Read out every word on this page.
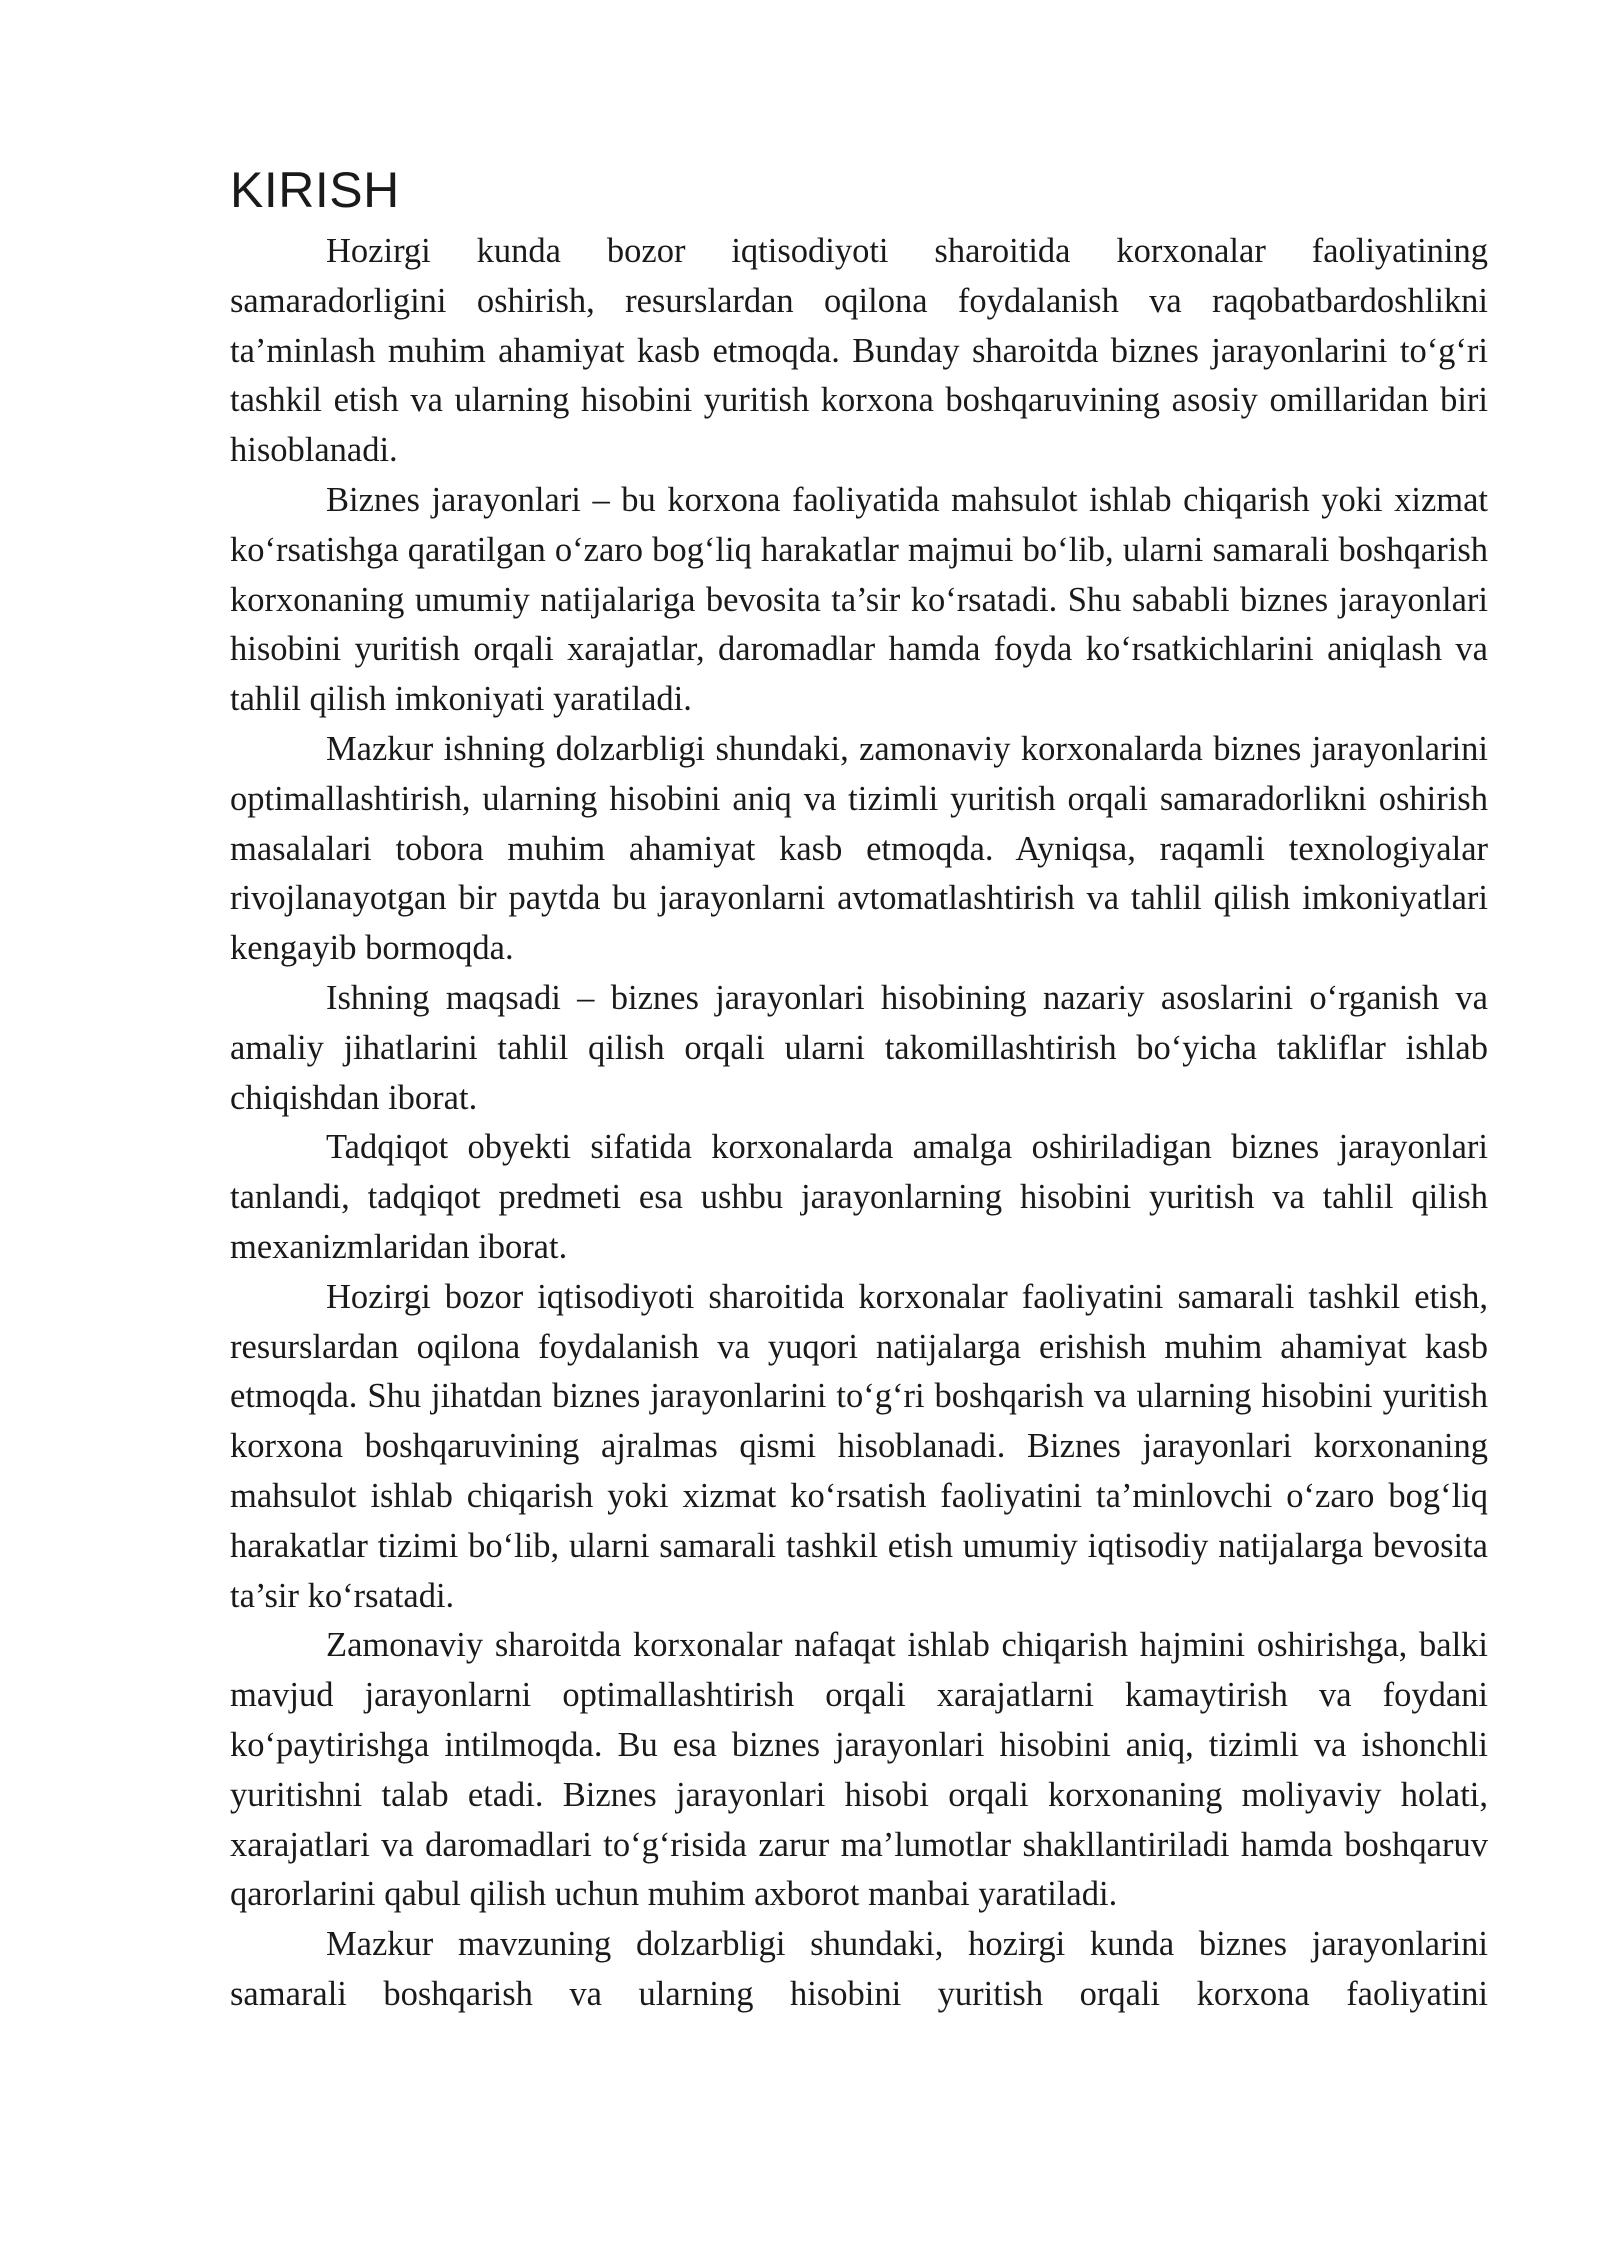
KIRISH

Hozirgi kunda bozor iqtisodiyoti sharoitida korxonalar faoliyatining samaradorligini oshirish, resurslardan oqilona foydalanish va raqobatbardoshlikni ta’minlash muhim ahamiyat kasb etmoqda. Bunday sharoitda biznes jarayonlarini to‘g‘ri tashkil etish va ularning hisobini yuritish korxona boshqaruvining asosiy omillaridan biri hisoblanadi.

Biznes jarayonlari – bu korxona faoliyatida mahsulot ishlab chiqarish yoki xizmat ko‘rsatishga qaratilgan o‘zaro bog‘liq harakatlar majmui bo‘lib, ularni samarali boshqarish korxonaning umumiy natijalariga bevosita ta’sir ko‘rsatadi. Shu sababli biznes jarayonlari hisobini yuritish orqali xarajatlar, daromadlar hamda foyda ko‘rsatkichlarini aniqlash va tahlil qilish imkoniyati yaratiladi.

Mazkur ishning dolzarbligi shundaki, zamonaviy korxonalarda biznes jarayonlarini optimallashtirish, ularning hisobini aniq va tizimli yuritish orqali samaradorlikni oshirish masalalari tobora muhim ahamiyat kasb etmoqda. Ayniqsa, raqamli texnologiyalar rivojlanayotgan bir paytda bu jarayonlarni avtomatlashtirish va tahlil qilish imkoniyatlari kengayib bormoqda.

Ishning maqsadi – biznes jarayonlari hisobining nazariy asoslarini o‘rganish va amaliy jihatlarini tahlil qilish orqali ularni takomillashtirish bo‘yicha takliflar ishlab chiqishdan iborat.

Tadqiqot obyekti sifatida korxonalarda amalga oshiriladigan biznes jarayonlari tanlandi, tadqiqot predmeti esa ushbu jarayonlarning hisobini yuritish va tahlil qilish mexanizmlaridan iborat.

Hozirgi bozor iqtisodiyoti sharoitida korxonalar faoliyatini samarali tashkil etish, resurslardan oqilona foydalanish va yuqori natijalarga erishish muhim ahamiyat kasb etmoqda. Shu jihatdan biznes jarayonlarini to‘g‘ri boshqarish va ularning hisobini yuritish korxona boshqaruvining ajralmas qismi hisoblanadi. Biznes jarayonlari korxonaning mahsulot ishlab chiqarish yoki xizmat ko‘rsatish faoliyatini ta’minlovchi o‘zaro bog‘liq harakatlar tizimi bo‘lib, ularni samarali tashkil etish umumiy iqtisodiy natijalarga bevosita ta’sir ko‘rsatadi.

Zamonaviy sharoitda korxonalar nafaqat ishlab chiqarish hajmini oshirishga, balki mavjud jarayonlarni optimallashtirish orqali xarajatlarni kamaytirish va foydani ko‘paytirishga intilmoqda. Bu esa biznes jarayonlari hisobini aniq, tizimli va ishonchli yuritishni talab etadi. Biznes jarayonlari hisobi orqali korxonaning moliyaviy holati, xarajatlari va daromadlari to‘g‘risida zarur ma’lumotlar shakllantiriladi hamda boshqaruv qarorlarini qabul qilish uchun muhim axborot manbai yaratiladi.

Mazkur mavzuning dolzarbligi shundaki, hozirgi kunda biznes jarayonlarini samarali boshqarish va ularning hisobini yuritish orqali korxona faoliyatini
